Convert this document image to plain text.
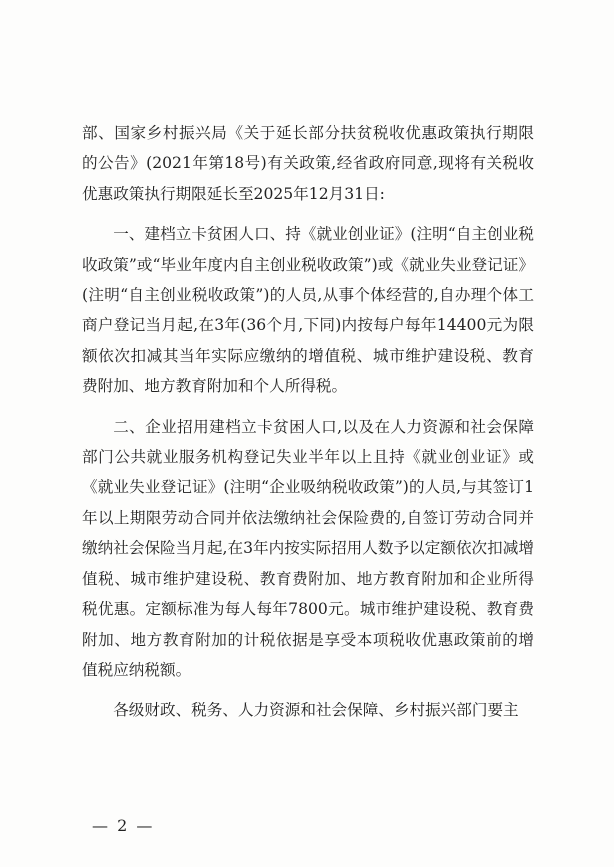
部、国家乡村振兴局《关于延长部分扶贫税收优惠政策执行期限的公告》(2021年第18号)有关政策,经省政府同意,现将有关税收优惠政策执行期限延长至2025年12月31日:

一、建档立卡贫困人口、持《就业创业证》(注明“自主创业税收政策”或“毕业年度内自主创业税收政策”)或《就业失业登记证》(注明“自主创业税收政策”)的人员,从事个体经营的,自办理个体工商户登记当月起,在3年(36个月,下同)内按每户每年14400元为限额依次扣减其当年实际应缴纳的增值税、城市维护建设税、教育费附加、地方教育附加和个人所得税。

二、企业招用建档立卡贫困人口,以及在人力资源和社会保障部门公共就业服务机构登记失业半年以上且持《就业创业证》或《就业失业登记证》(注明“企业吸纳税收政策”)的人员,与其签订1年以上期限劳动合同并依法缴纳社会保险费的,自签订劳动合同并缴纳社会保险当月起,在3年内按实际招用人数予以定额依次扣减增值税、城市维护建设税、教育费附加、地方教育附加和企业所得税优惠。定额标准为每人每年7800元。城市维护建设税、教育费附加、地方教育附加的计税依据是享受本项税收优惠政策前的增值税应纳税额。

各级财政、税务、人力资源和社会保障、乡村振兴部门要主

— 2 —
